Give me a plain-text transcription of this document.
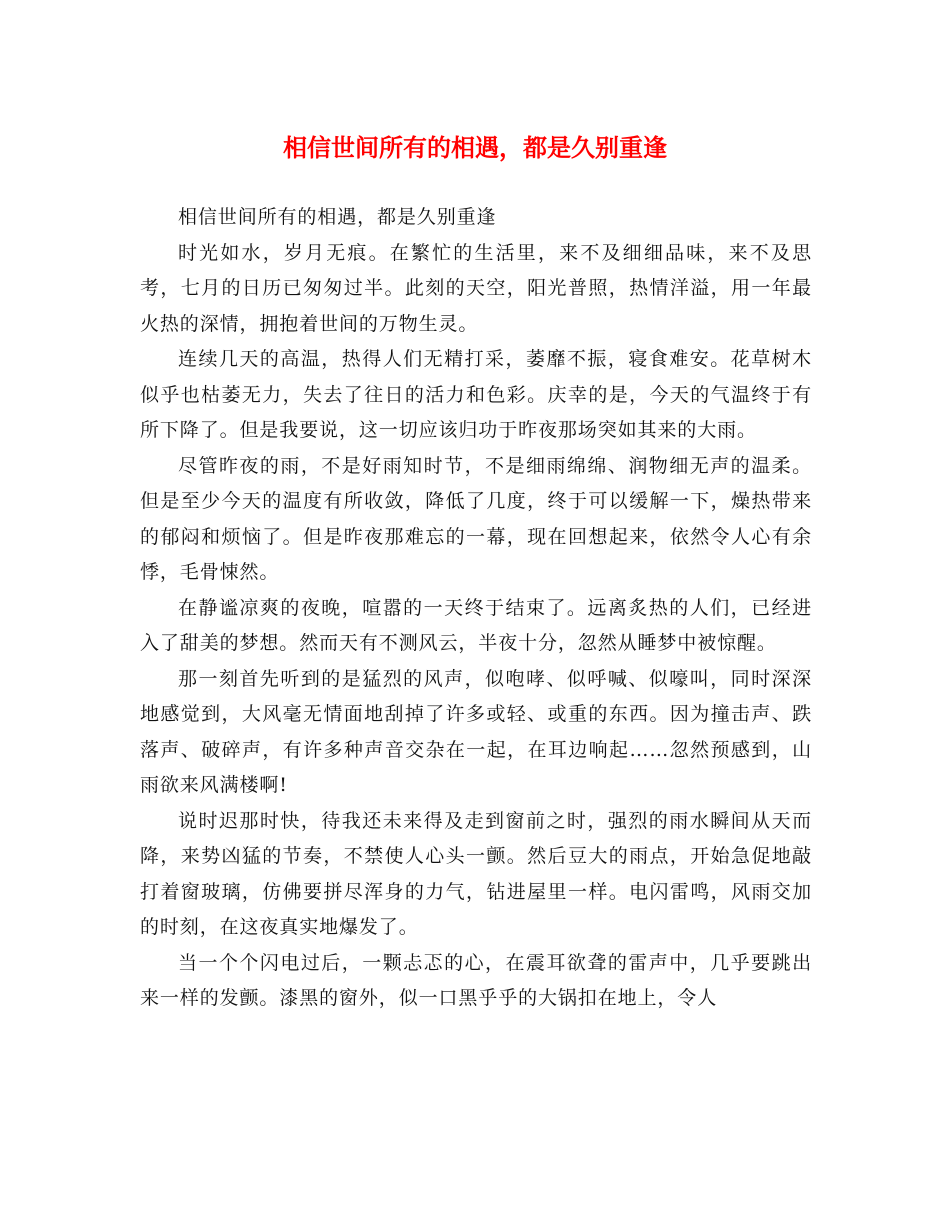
相信世间所有的相遇，都是久别重逢

相信世间所有的相遇，都是久别重逢

时光如水，岁月无痕。在繁忙的生活里，来不及细细品味，来不及思考，七月的日历已匆匆过半。此刻的天空，阳光普照，热情洋溢，用一年最火热的深情，拥抱着世间的万物生灵。

连续几天的高温，热得人们无精打采，萎靡不振，寝食难安。花草树木似乎也枯萎无力，失去了往日的活力和色彩。庆幸的是，今天的气温终于有所下降了。但是我要说，这一切应该归功于昨夜那场突如其来的大雨。

尽管昨夜的雨，不是好雨知时节，不是细雨绵绵、润物细无声的温柔。但是至少今天的温度有所收敛，降低了几度，终于可以缓解一下，燥热带来的郁闷和烦恼了。但是昨夜那难忘的一幕，现在回想起来，依然令人心有余悸，毛骨悚然。

在静谧凉爽的夜晚，喧嚣的一天终于结束了。远离炙热的人们，已经进入了甜美的梦想。然而天有不测风云，半夜十分，忽然从睡梦中被惊醒。

那一刻首先听到的是猛烈的风声，似咆哮、似呼喊、似嚎叫，同时深深地感觉到，大风毫无情面地刮掉了许多或轻、或重的东西。因为撞击声、跌落声、破碎声，有许多种声音交杂在一起，在耳边响起……忽然预感到，山雨欲来风满楼啊!

说时迟那时快，待我还未来得及走到窗前之时，强烈的雨水瞬间从天而降，来势凶猛的节奏，不禁使人心头一颤。然后豆大的雨点，开始急促地敲打着窗玻璃，仿佛要拼尽浑身的力气，钻进屋里一样。电闪雷鸣，风雨交加的时刻，在这夜真实地爆发了。

当一个个闪电过后，一颗忐忑的心，在震耳欲聋的雷声中，几乎要跳出来一样的发颤。漆黑的窗外，似一口黑乎乎的大锅扣在地上，令人
